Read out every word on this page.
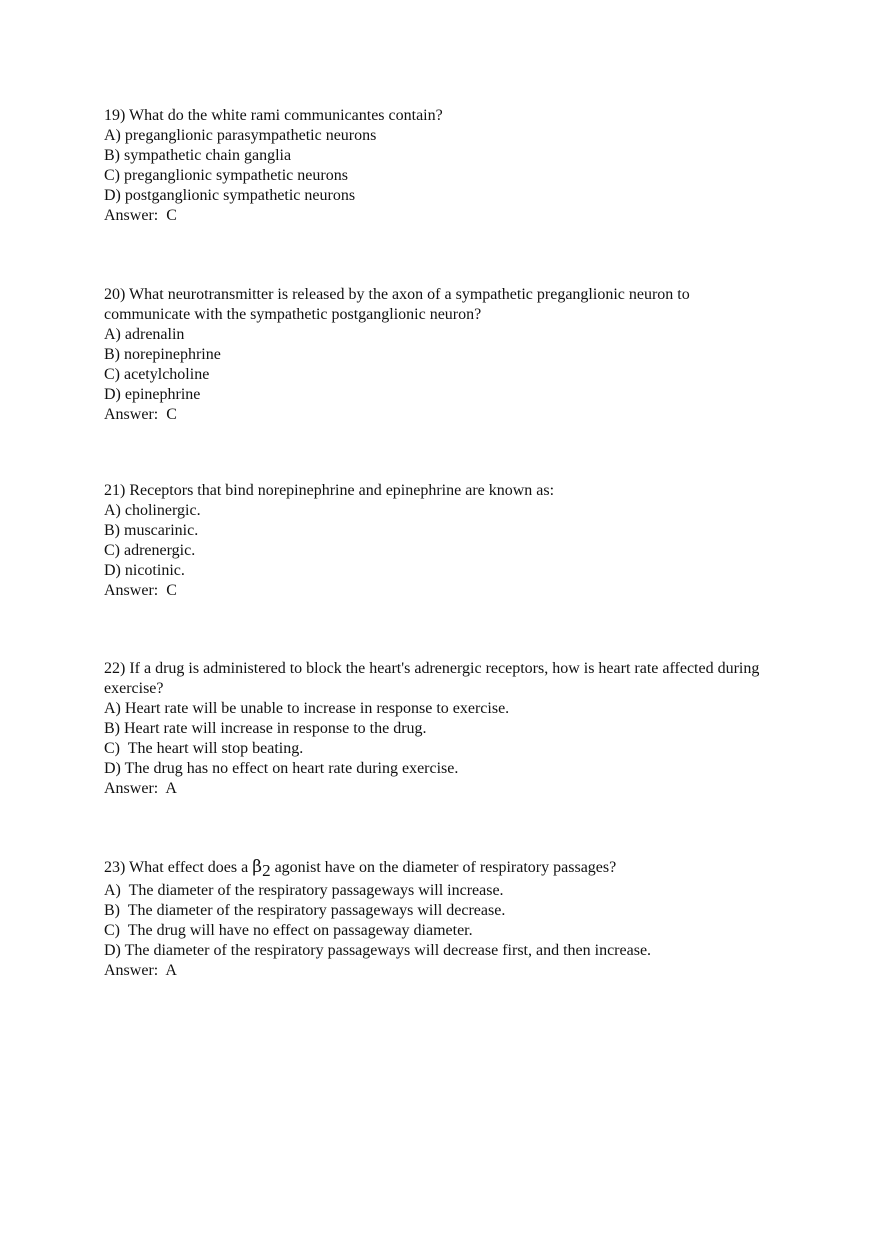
19) What do the white rami communicantes contain?

A) preganglionic parasympathetic neurons

B) sympathetic chain ganglia

C) preganglionic sympathetic neurons

D) postganglionic sympathetic neurons

Answer:  C

20) What neurotransmitter is released by the axon of a sympathetic preganglionic neuron to communicate with the sympathetic postganglionic neuron?

A) adrenalin

B) norepinephrine

C) acetylcholine

D) epinephrine

Answer:  C

21) Receptors that bind norepinephrine and epinephrine are known as:

A) cholinergic.

B) muscarinic.

C) adrenergic.

D) nicotinic.

Answer:  C

22) If a drug is administered to block the heart's adrenergic receptors, how is heart rate affected during exercise?

A) Heart rate will be unable to increase in response to exercise.

B) Heart rate will increase in response to the drug.

C)  The heart will stop beating.

D) The drug has no effect on heart rate during exercise.

Answer:  A

23) What effect does a β2 agonist have on the diameter of respiratory passages?

A)  The diameter of the respiratory passageways will increase.

B)  The diameter of the respiratory passageways will decrease.

C)  The drug will have no effect on passageway diameter.

D) The diameter of the respiratory passageways will decrease first, and then increase.

Answer:  A
